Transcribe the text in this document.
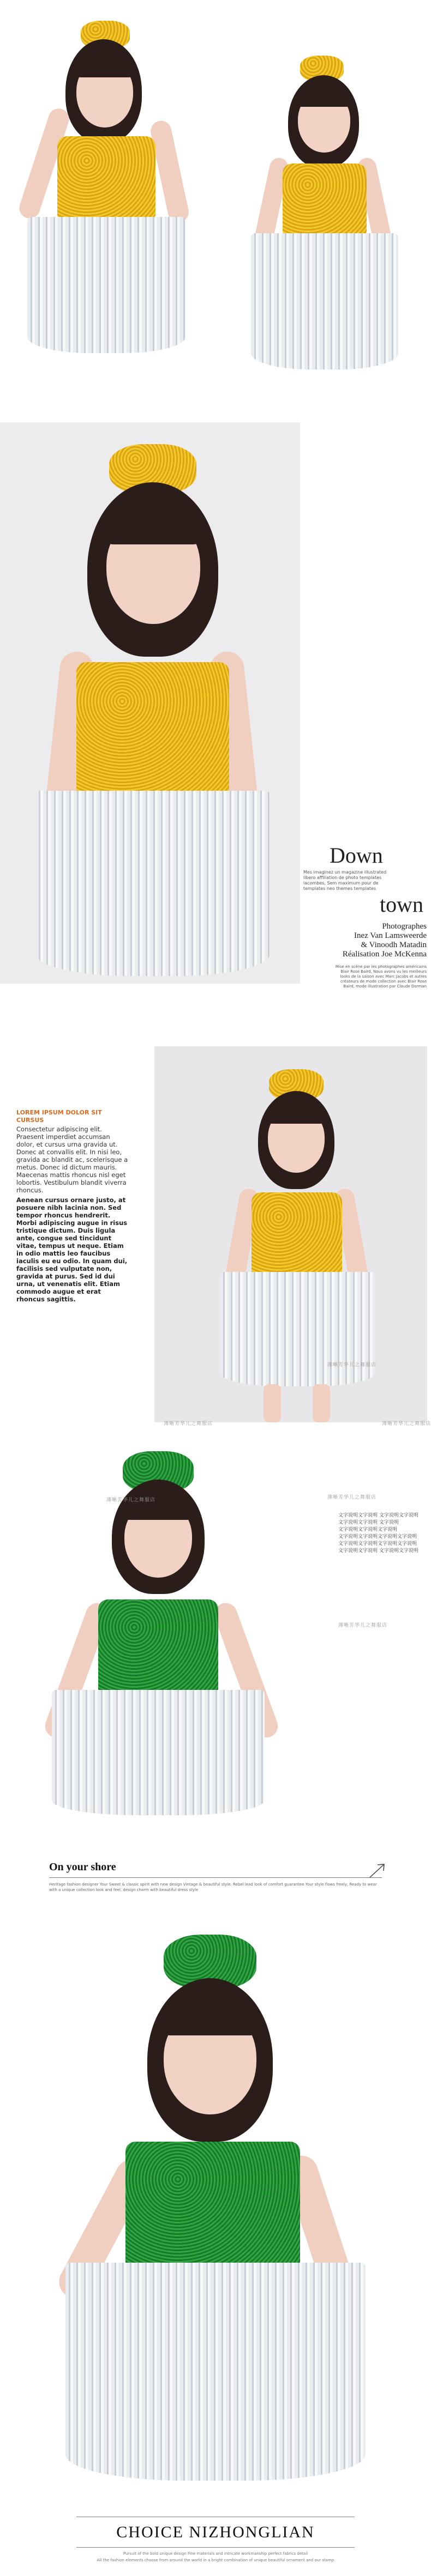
Down
Mes imaginez un magazine illustrated libero affiliation de photo templates lacombes, Sem maximum pour de templates neo themes templates
town
Photographes
Inez Van Lamsweerde
& Vinoodh Matadin
Réalisation Joe McKenna
Mise en scène par les photographes américains Blair Rose Baird, Nous avons vu les meilleurs looks de la saison avec Marc Jacobs et autres créateurs de mode collection avec Blair Rose Baird, mode illustration par Claude Dorman
LOREM IPSUM DOLOR SIT CURSUS
Consectetur adipiscing elit. Praesent imperdiet accumsan dolor, et cursus urna gravida ut. Donec at convallis elit. In nisi leo, gravida ac blandit ac, scelerisque a metus. Donec id dictum mauris. Maecenas mattis rhoncus nisl eget lobortis. Vestibulum blandit viverra rhoncus.
Aenean cursus ornare justo, at posuere nibh lacinia non. Sed tempor rhoncus hendrerit. Morbi adipiscing augue in risus tristique dictum. Duis ligula ante, congue sed tincidunt vitae, tempus ut neque. Etiam in odio mattis leo faucibus iaculis eu eu odio. In quam dui, facilisis sed vulputate non, gravida at purus. Sed id dui urna, ut venenatis elit. Etiam commodo augue et erat rhoncus sagittis.
薄晰芳华儿之舞服店
薄晰芳华儿之舞服店	薄晰芳华儿之舞服店
薄晰芳华儿之舞服店	薄晰芳华儿之舞服店
薄晰芳华儿之舞服店
文字说明文字说明 文字说明文字说明
文字说明文字说明 文字说明
文字说明文字说明文字说明
文字说明文字说明文字说明文字说明
文字说明文字说明文字说明文字说明
文字说明文字说明 文字说明文字说明
On your shore
Heritage fashion designer Your Sweet & classic spirit with new design Vintage & beautiful style. Rebel lead look of comfort guarantee Your style flows freely, Ready to wear with a unique collection look and feel, design charm with beautiful dress style
CHOICE NIZHONGLIAN
Pursuit of the bold unique design Fine materials and intricate workmanship perfect fabrics detail
All the fashion elements choose from around the world in a bright combination of unique beautiful ornament and our stamp
